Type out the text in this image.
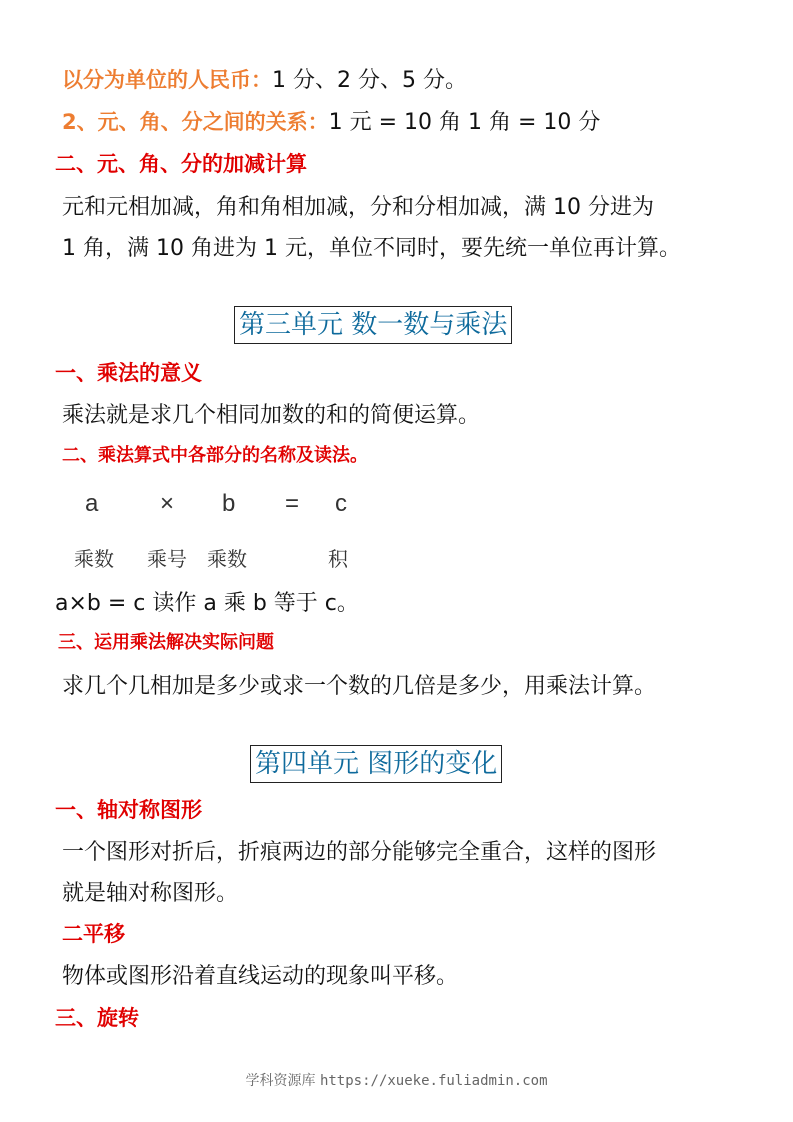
以分为单位的人民币：1 分、2 分、5 分。
2、元、角、分之间的关系：1 元 = 10 角 1 角 = 10 分
二、元、角、分的加减计算
元和元相加减，角和角相加减，分和分相加减，满 10 分进为
1 角，满 10 角进为 1 元，单位不同时，要先统一单位再计算。
第三单元 数一数与乘法
一、乘法的意义
乘法就是求几个相同加数的和的简便运算。
二、乘法算式中各部分的名称及读法。
a	× b = c
乘数 乘号 乘数	积
a×b = c 读作 a 乘 b 等于 c。
三、运用乘法解决实际问题
求几个几相加是多少或求一个数的几倍是多少，用乘法计算。
第四单元 图形的变化
一、轴对称图形
一个图形对折后，折痕两边的部分能够完全重合，这样的图形
就是轴对称图形。
二平移
物体或图形沿着直线运动的现象叫平移。
三、旋转
学科资源库 https://xueke.fuliadmin.com
